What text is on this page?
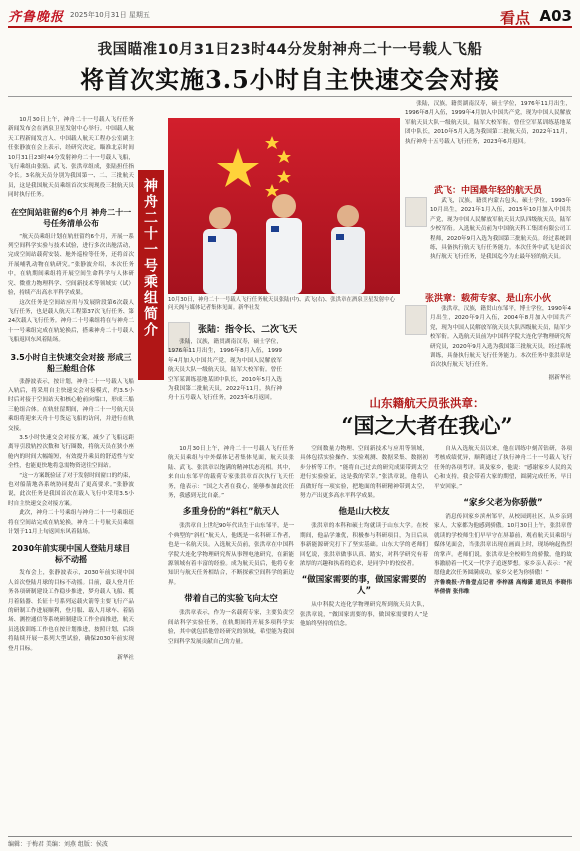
齐鲁晚报 2025年10月31日 星期五	看点 A03
我国瞄准10月31日23时44分发射神舟二十一号载人飞船
将首次实施3.5小时自主快速交会对接

10月30日上午，神舟二十一号载人飞行任务新闻发布会在酒泉卫星发射中心举行。中国载人航天工程新闻发言人、中国载人航天工程办公室副主任张静波在会上表示，经研究决定，瞄准北京时间10月31日23时44分发射神舟二十一号载人飞船，飞行乘组由张陆、武飞、张洪章组成，张陆担任指令长。3名航天员分别为我国第一、二、三批航天员，这是我国航天员乘组首次实现现役三批航天员同时执行任务。

在空间站驻留约6个月 神舟二十一号任务清单公布

“航天员乘组计划在轨驻留约6个月，开展一系列空间科学实验与技术试验，进行多次出舱活动，完成空间站载荷安装、舱外巡检等任务，还将首次开展哺乳动物在轨研究。”张静波介绍，本次任务中，在轨期间乘组将开展空间生命科学与人体研究、微重力物理科学、空间新技术等领域实（试）验，持续产出高水平科学成果。

这次任务是空间站应用与发展阶段第6次载人飞行任务，也是载人航天工程第37次飞行任务、第24次载人飞行任务。神舟二十号乘组将在与神舟二十一号乘组完成在轨轮换后，搭乘神舟二十号载人飞船返回东风着陆场。

3.5小时自主快速交会对接 形成三船三舱组合体

张静波表示，按计划，神舟二十一号载人飞船入轨后，将采用自主快速交会对接模式，约3.5小时后对接于空间站天和核心舱前向端口，形成三船三舱组合体。在轨驻留期间，神舟二十一号航天员乘组将迎来天舟十号货运飞船的访问，并进行在轨交接。

3.5小时快速交会对接方案，减少了飞船远距离导引段轨控次数和飞行圈数，将航天员在狭小座舱内的时间大幅缩短，有效提升乘员的舒适性与安全性，也能更快地将急需物资送往空间站。

“这一方案既验证了对于发射时间窗口的约束，也对船箭地各系统协同提出了更高要求。”张静波说，此次任务是我国首次在载人飞行中采用3.5小时自主快速交会对接方案。

此次，神舟二十号乘组与神舟二十一号乘组还将在空间站完成在轨轮换，神舟二十号航天员乘组计划于11月上旬返回东风着陆场。

2030年前实现中国人登陆月球目标不动摇

发布会上，张静波表示，2030年前实现中国人首次登陆月球的目标不动摇。目前，载人登月任务各项研制建设工作稳步推进，梦舟载人飞船、揽月着陆器、长征十号系列运载火箭等主要飞行产品的研制工作进展顺利，登月服、载人月球车、着陆场、测控通信等系统研制建设工作全面推进，航天员选拔训练工作也在按计划推进，按照计划，后续将陆续开展一系列大型试验，确保2030年前实现登月目标。

新华社

神舟二十一号乘组简介	10月30日，神舟二十一号载人飞行任务航天员张陆(中)、武飞(右)、张洪章在酒泉卫星发射中心问天阁与媒体记者集体见面。新华社发
张陆：指令长、二次飞天

张陆，汉族，籍贯湖南汉寿，硕士学位，1976年11月出生，1996年8月入伍，1999年4月加入中国共产党，现为中国人民解放军航天员大队一级航天员，陆军大校军衔。曾任空军某训练基地某团中队长，2010年5月入选为我国第二批航天员，2022年11月，执行神舟十五号载人飞行任务，2023年6月返回。

张陆，汉族，籍贯湖南汉寿，硕士学位，1976年11月出生，1996年8月入伍，1999年4月加入中国共产党，现为中国人民解放军航天员大队一级航天员，陆军大校军衔。曾任空军某训练基地某团中队长，2010年5月入选为我国第二批航天员，2022年11月，执行神舟十五号载人飞行任务，2023年6月返回。

武飞：中国最年轻的航天员

武飞，汉族，籍贯内蒙古包头，硕士学位，1993年10月出生，2021年1月入伍，2015年10月加入中国共产党，现为中国人民解放军航天员大队四级航天员，陆军少校军衔。入选航天员前为中国航天科工集团有限公司工程师，2020年9月入选为我国第三批航天员。经过系统训练，具备执行航天飞行任务能力。本次任务中武飞是首次执行航天飞行任务，是我国迄今为止最年轻的航天员。

张洪章：载荷专家、是山东小伙

张洪章，汉族，籍贯山东邹平，博士学位，1990年4月出生，2020年9月入伍，2004年8月加入中国共产党，现为中国人民解放军航天员大队四级航天员，陆军少校军衔。入选航天员前为中国科学院大连化学物理研究所研究员，2020年9月入选为我国第三批航天员，经过系统训练，具备执行航天飞行任务能力。本次任务中张洪章是首次执行航天飞行任务。

据新华社
山东籍航天员张洪章：
“国之大者在我心”

10月30日上午，神舟二十一号载人飞行任务航天员乘组与中外媒体记者集体见面，航天员张陆、武飞、张洪章以饱满的精神状态亮相。其中，来自山东邹平的载荷专家张洪章首次执行飞天任务，他表示：“国之大者在我心，能够参加此次任务，我感到无比自豪。”

多重身份的“斜杠”航天人

张洪章自上世纪90年代出生于山东邹平，是一个典型的“斜杠”航天人，他既是一名科研工作者，也是一名航天员。入选航天员前，张洪章在中国科学院大连化学物理研究所从事锂电池研究，在新能源领域有着丰富的经验。成为航天员后，他将专业知识与航天任务相结合，不断探索空间科学的新边界。

带着自己的实验飞向太空

张洪章表示，作为一名载荷专家，主要负责空间站科学实验任务，在轨期间将开展多项科学实验，其中就包括他曾经研究的领域，希望能为我国空间科学发展贡献自己的力量。

空间数量力物理、空间新技术与应用等领域，具体包括实验操作、实验观测、数据采集、数据初步分析等工作。“能将自己过去的研究成果带到太空进行实验验证，这是我的荣幸。”张洪章说，他将认真做好每一项实验，把地面的科研精神带到太空，努力产出更多高水平科学成果。

他是山大校友

张洪章的本科和硕士均就读于山东大学。在校期间，他品学兼优，积极参与科研项目，为日后从事新能源研究打下了坚实基础。山东大学的老师们回忆说，张洪章做事认真、踏实，对科学研究有着浓厚的兴趣和执着的追求，是同学中的佼佼者。

“做国家需要的事，做国家需要的人”

从中科院大连化学物理研究所到航天员大队，张洪章说，“做国家需要的事，做国家需要的人”是他始终坚持的信念。

自从入选航天员以来，他在训练中刻苦钻研，各项考核成绩优异，顺利通过了执行神舟二十一号载人飞行任务的各项考评。谈及家乡，他说：“感谢家乡人民的关心和支持，我会带着大家的期望，圆满完成任务，早日平安回家。”

“家乡父老为你骄傲”

消息传回家乡滨州邹平，从校园到社区，从乡亲到家人，大家都为他感到骄傲。10月30日上午，张洪章曾就读的学校师生们早早守在屏幕前，观看航天员乘组与媒体见面会，当张洪章出现在画面上时，现场响起热烈的掌声。老师们说，张洪章是全校师生的骄傲，他的故事激励着一代又一代学子追逐梦想。家乡亲人表示：“祝愿他此次任务圆满成功，家乡父老为你骄傲！”

齐鲁晚报·齐鲁壹点记者 李梓涵 高梅潇 通讯员 李晓伟 毕倩倩 张伟维

编辑：于梅君 美编：刘燕 组版：侯波
